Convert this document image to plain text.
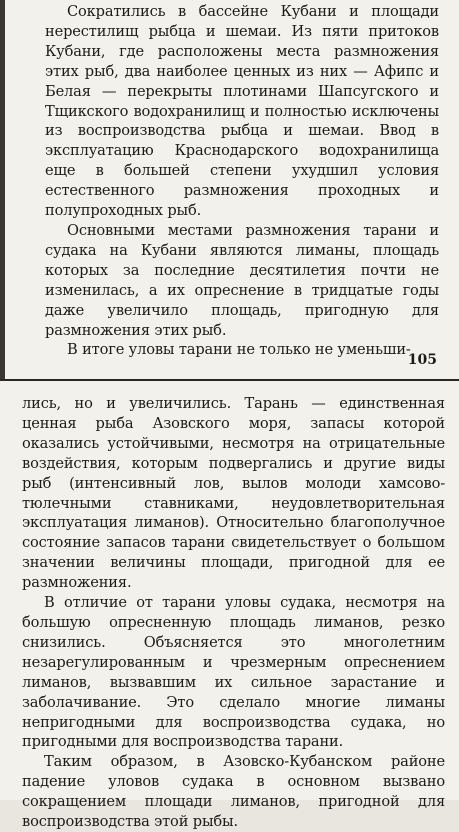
Сократились в бассейне Кубани и площади нерестилищ рыбца и шемаи. Из пяти притоков Кубани, где расположены места размножения этих рыб, два наиболее ценных из них — Афипс и Белая — перекрыты плотинами Шапсугского и Тщикского водохранилищ и полностью исключены из воспроизводства рыбца и шемаи. Ввод в эксплуатацию Краснодарского водохранилища еще в большей степени ухудшил условия естественного размножения проходных и полупроходных рыб.

Основными местами размножения тарани и судака на Кубани являются лиманы, площадь которых за последние десятилетия почти не изменилась, а их опреснение в тридцатые годы даже увеличило площадь, пригодную для размножения этих рыб.

В итоге уловы тарани не только не уменьши-

105

лись, но и увеличились. Тарань — единственная ценная рыба Азовского моря, запасы которой оказались устойчивыми, несмотря на отрицательные воздействия, которым подвергались и другие виды рыб (интенсивный лов, вылов молоди хамсово-тюлечными ставниками, неудовлетворительная эксплуатация лиманов). Относительно благополучное состояние запасов тарани свидетельствует о большом значении величины площади, пригодной для ее размножения.

В отличие от тарани уловы судака, несмотря на большую опресненную площадь лиманов, резко снизились. Объясняется это многолетним незарегулированным и чрезмерным опреснением лиманов, вызвавшим их сильное зарастание и заболачивание. Это сделало многие лиманы непригодными для воспроизводства судака, но пригодными для воспроизводства тарани.

Таким образом, в Азовско-Кубанском районе падение уловов судака в основном вызвано сокращением площади лиманов, пригодной для воспроизводства этой рыбы.
